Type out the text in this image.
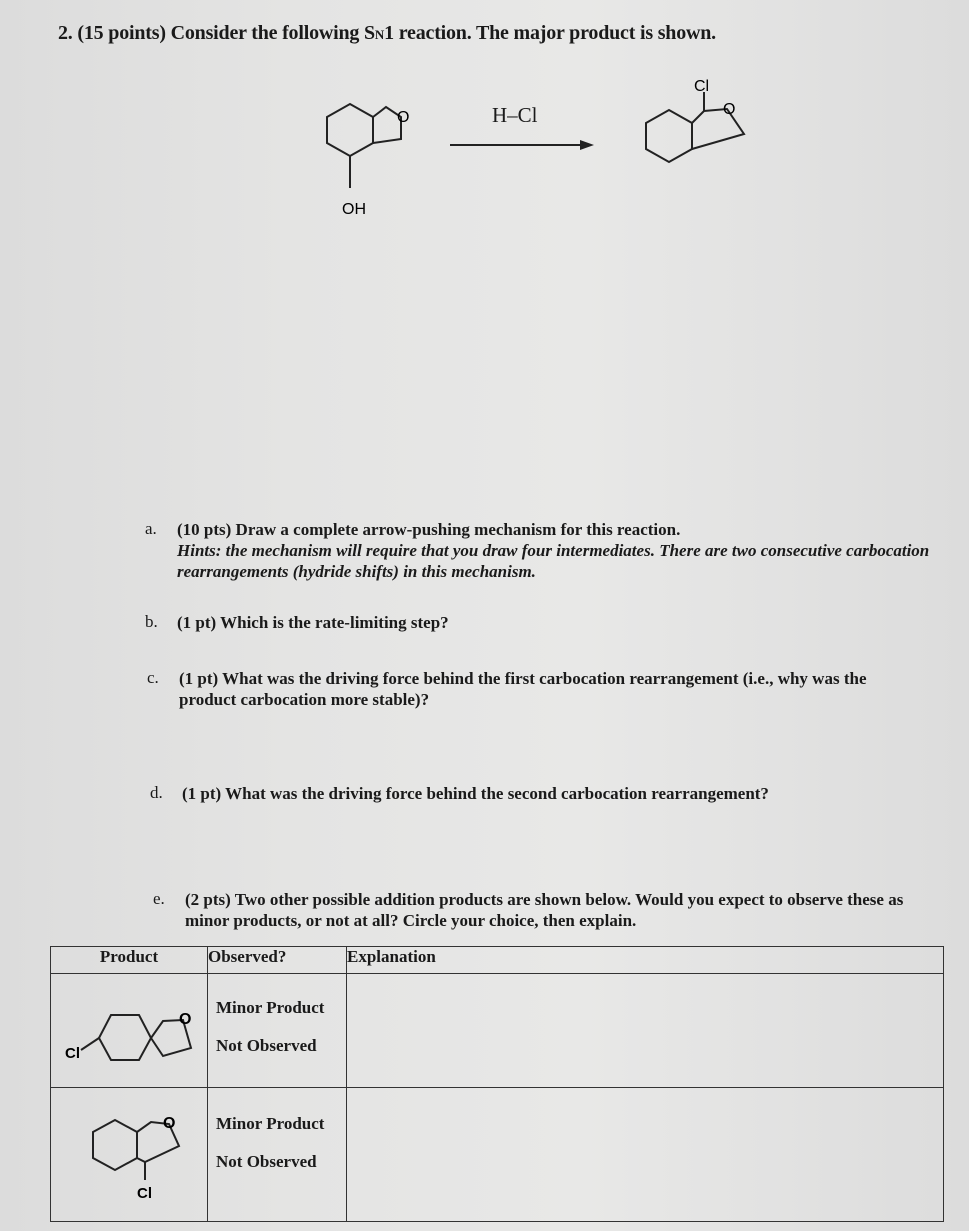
2. (15 points) Consider the following SN1 reaction. The major product is shown.
O
OH
Cl
O
H–Cl
a. (10 pts) Draw a complete arrow-pushing mechanism for this reaction.
Hints: the mechanism will require that you draw four intermediates. There are two consecutive carbocation rearrangements (hydride shifts) in this mechanism.
b. (1 pt) Which is the rate-limiting step?
c. (1 pt) What was the driving force behind the first carbocation rearrangement (i.e., why was the product carbocation more stable)?
d. (1 pt) What was the driving force behind the second carbocation rearrangement?
e. (2 pts) Two other possible addition products are shown below. Would you expect to observe these as minor products, or not at all? Circle your choice, then explain.
Product	Observed?	Explanation

O
Cl	Minor Product
Not Observed	

O
Cl	Minor Product
Not Observed	
